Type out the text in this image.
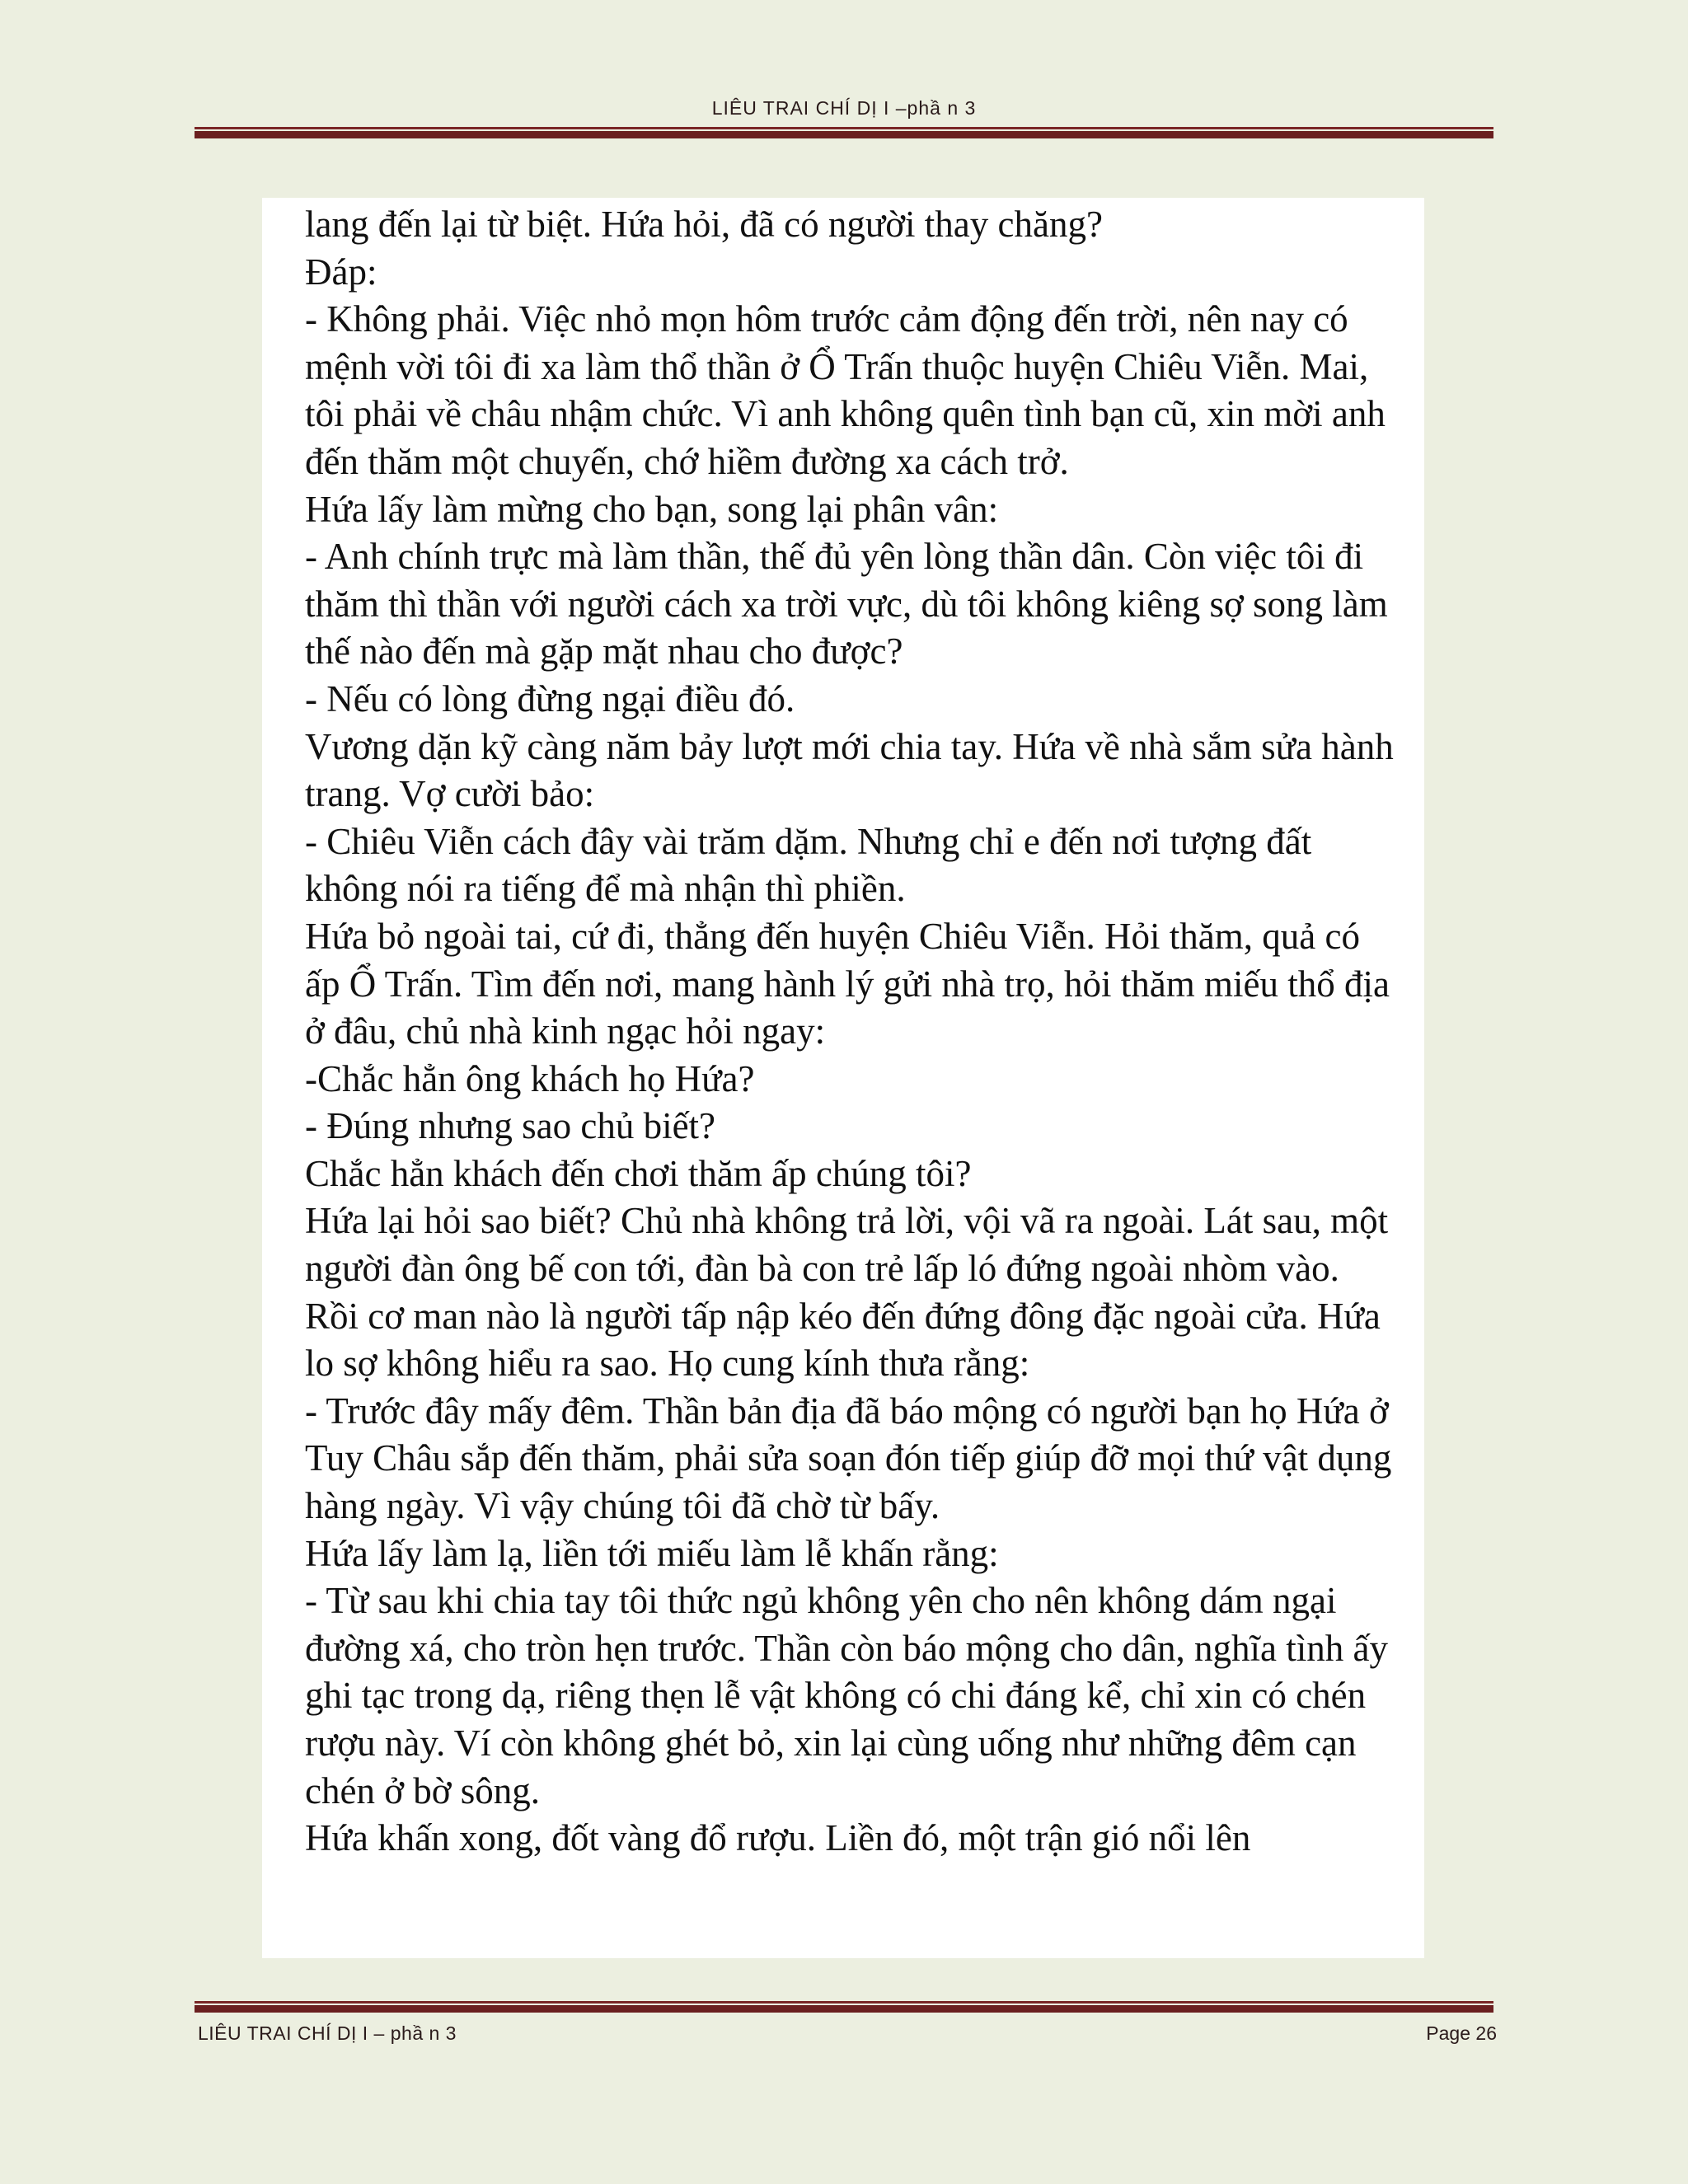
LIÊU TRAI CHÍ DỊ I –phầ n 3

lang đến lại từ biệt. Hứa hỏi, đã có người thay chăng?

Đáp:

- Không phải. Việc nhỏ mọn hôm trước cảm động đến trời, nên nay có mệnh vời tôi đi xa làm thổ thần ở Ổ Trấn thuộc huyện Chiêu Viễn. Mai, tôi phải về châu nhậm chức. Vì anh không quên tình bạn cũ, xin mời anh đến thăm một chuyến, chớ hiềm đường xa cách trở.

Hứa lấy làm mừng cho bạn, song lại phân vân:

- Anh chính trực mà làm thần, thế đủ yên lòng thần dân. Còn việc tôi đi thăm thì thần với người cách xa trời vực, dù tôi không kiêng sợ song làm thế nào đến mà gặp mặt nhau cho được?

- Nếu có lòng đừng ngại điều đó.

Vương dặn kỹ càng năm bảy lượt mới chia tay. Hứa về nhà sắm sửa hành trang. Vợ cười bảo:

- Chiêu Viễn cách đây vài trăm dặm. Nhưng chỉ e đến nơi tượng đất không nói ra tiếng để mà nhận thì phiền.

Hứa bỏ ngoài tai, cứ đi, thẳng đến huyện Chiêu Viễn. Hỏi thăm, quả có ấp Ổ Trấn. Tìm đến nơi, mang hành lý gửi nhà trọ, hỏi thăm miếu thổ địa ở đâu, chủ nhà kinh ngạc hỏi ngay:

-Chắc hẳn ông khách họ Hứa?

- Đúng nhưng sao chủ biết?

Chắc hẳn khách đến chơi thăm ấp chúng tôi?

Hứa lại hỏi sao biết? Chủ nhà không trả lời, vội vã ra ngoài. Lát sau, một người đàn ông bế con tới, đàn bà con trẻ lấp ló đứng ngoài nhòm vào. Rồi cơ man nào là người tấp nập kéo đến đứng đông đặc ngoài cửa. Hứa lo sợ không hiểu ra sao. Họ cung kính thưa rằng:

- Trước đây mấy đêm. Thần bản địa đã báo mộng có người bạn họ Hứa ở Tuy Châu sắp đến thăm, phải sửa soạn đón tiếp giúp đỡ mọi thứ vật dụng hàng ngày. Vì vậy chúng tôi đã chờ từ bấy.

Hứa lấy làm lạ, liền tới miếu làm lễ khấn rằng:

- Từ sau khi chia tay tôi thức ngủ không yên cho nên không dám ngại đường xá, cho tròn hẹn trước. Thần còn báo mộng cho dân, nghĩa tình ấy ghi tạc trong dạ, riêng thẹn lễ vật không có chi đáng kể, chỉ xin có chén rượu này. Ví còn không ghét bỏ, xin lại cùng uống như những đêm cạn chén ở bờ sông.

Hứa khấn xong, đốt vàng đổ rượu. Liền đó, một trận gió nổi lên

LIÊU TRAI CHÍ DỊ I – phầ n 3	Page 26
